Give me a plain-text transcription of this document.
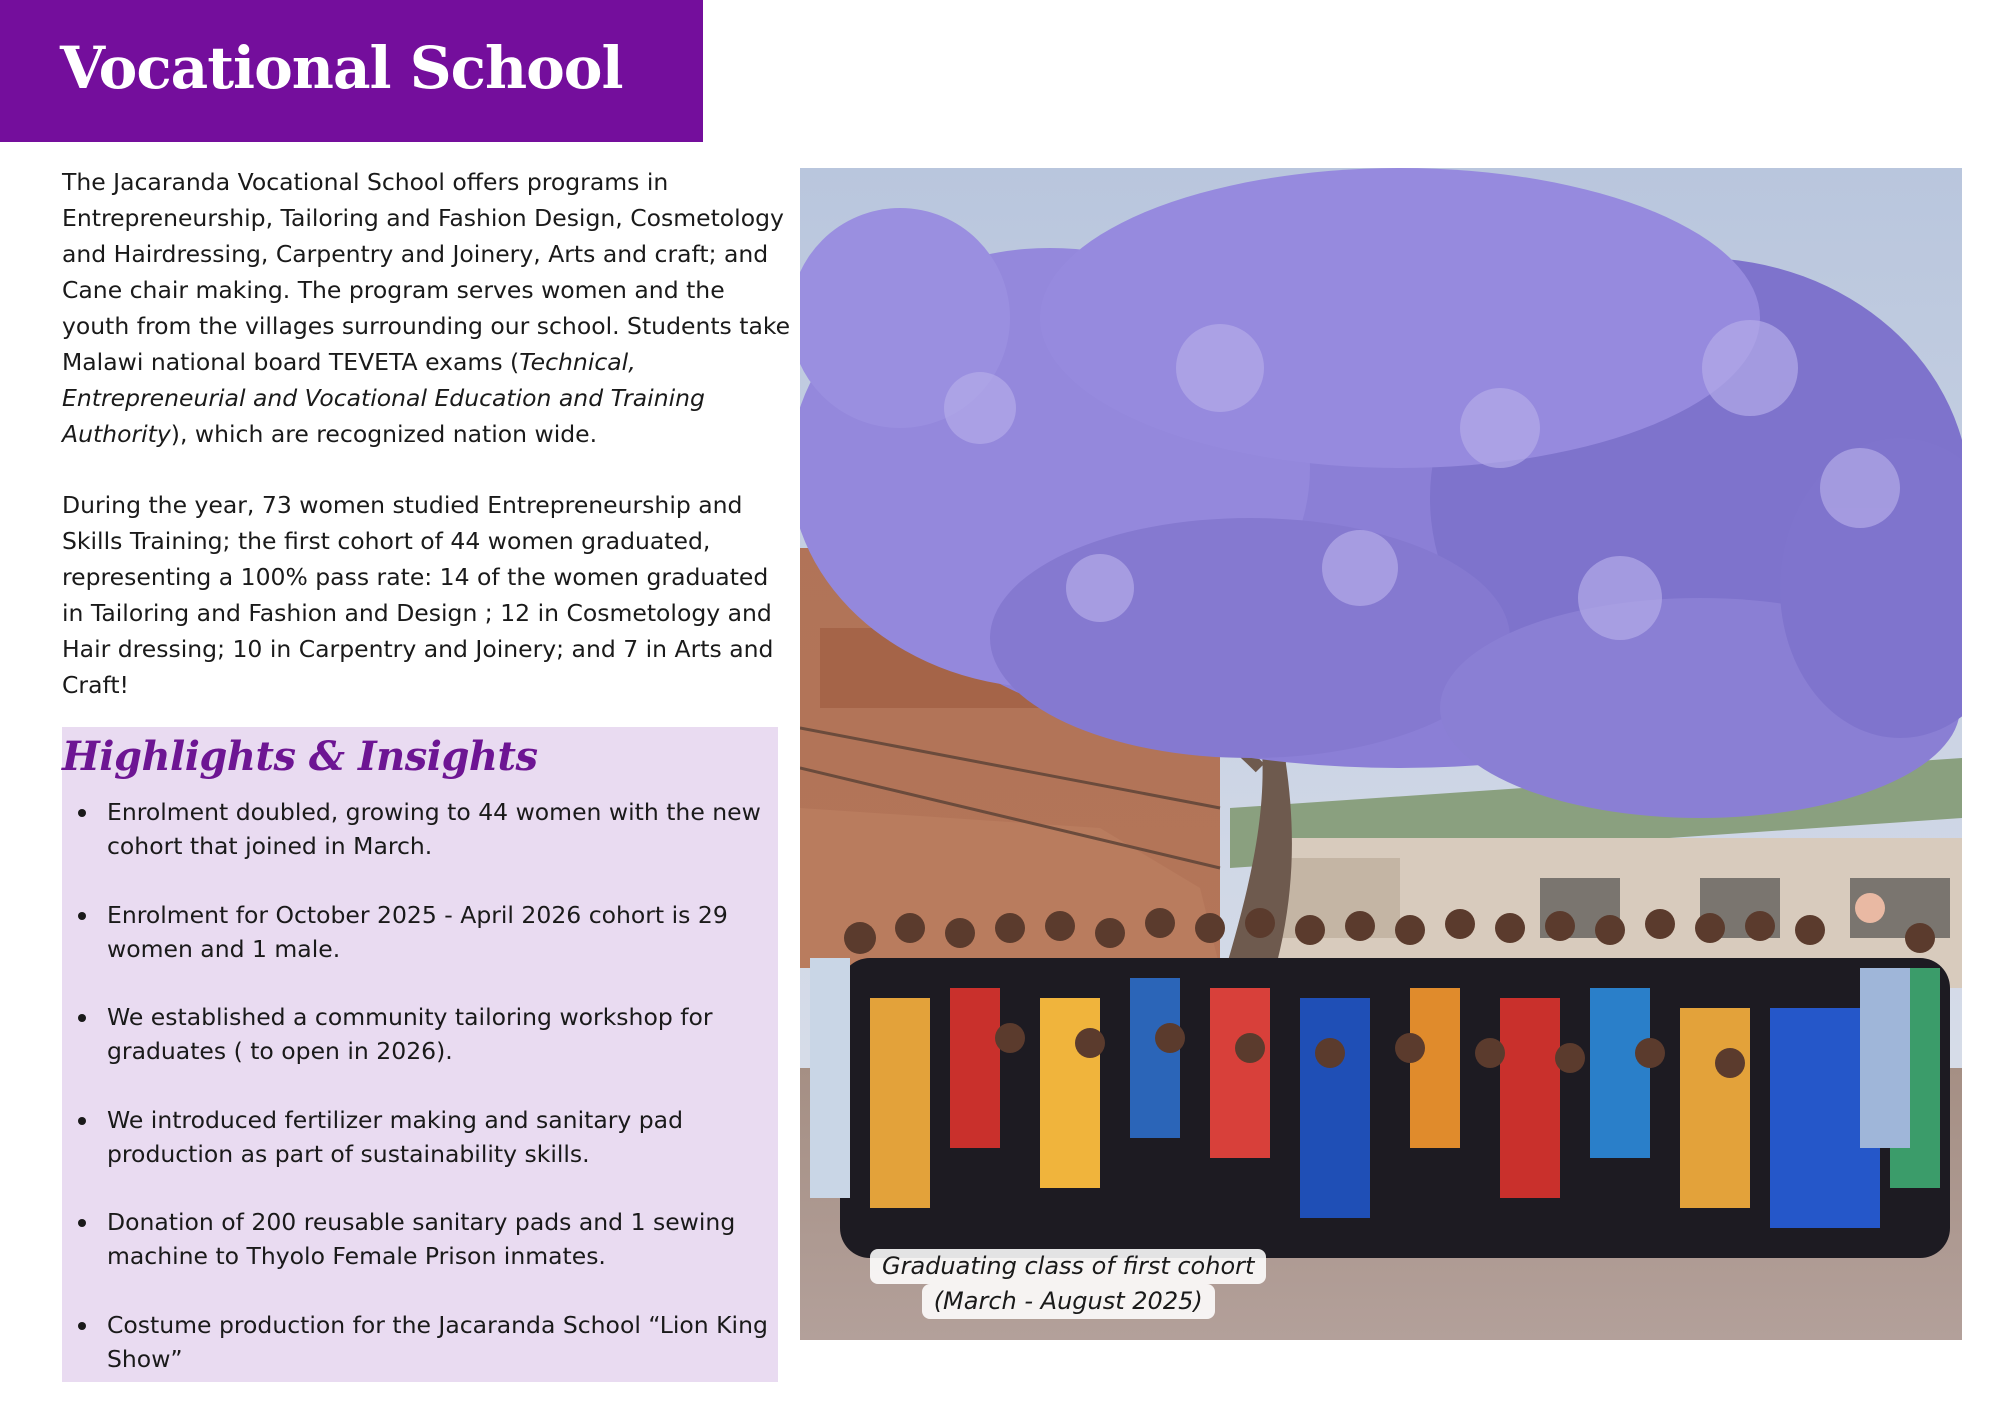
Vocational School

The Jacaranda Vocational School offers programs in Entrepreneurship, Tailoring and Fashion Design, Cosmetology and Hairdressing, Carpentry and Joinery, Arts and craft; and Cane chair making. The program serves women and the youth from the villages surrounding our school. Students take Malawi national board TEVETA exams (Technical, Entrepreneurial and Vocational Education and Training Authority), which are recognized nation wide.

During the year, 73 women studied Entrepreneurship and Skills Training; the first cohort of 44 women graduated, representing a 100% pass rate: 14 of the women graduated in Tailoring and Fashion and Design ; 12 in Cosmetology and Hair dressing; 10 in Carpentry and Joinery; and 7 in Arts and Craft!

Highlights & Insights
Enrolment doubled, growing to 44 women with the new cohort that joined in March.
Enrolment for October 2025 - April 2026 cohort is 29 women and 1 male.
We established a community tailoring workshop for graduates ( to open in 2026).
We introduced fertilizer making and sanitary pad production as part of sustainability skills.
Donation of 200 reusable sanitary pads and 1 sewing machine to Thyolo Female Prison inmates.
Costume production for the Jacaranda School “Lion King Show”
Graduating class of first cohort
(March - August 2025)
